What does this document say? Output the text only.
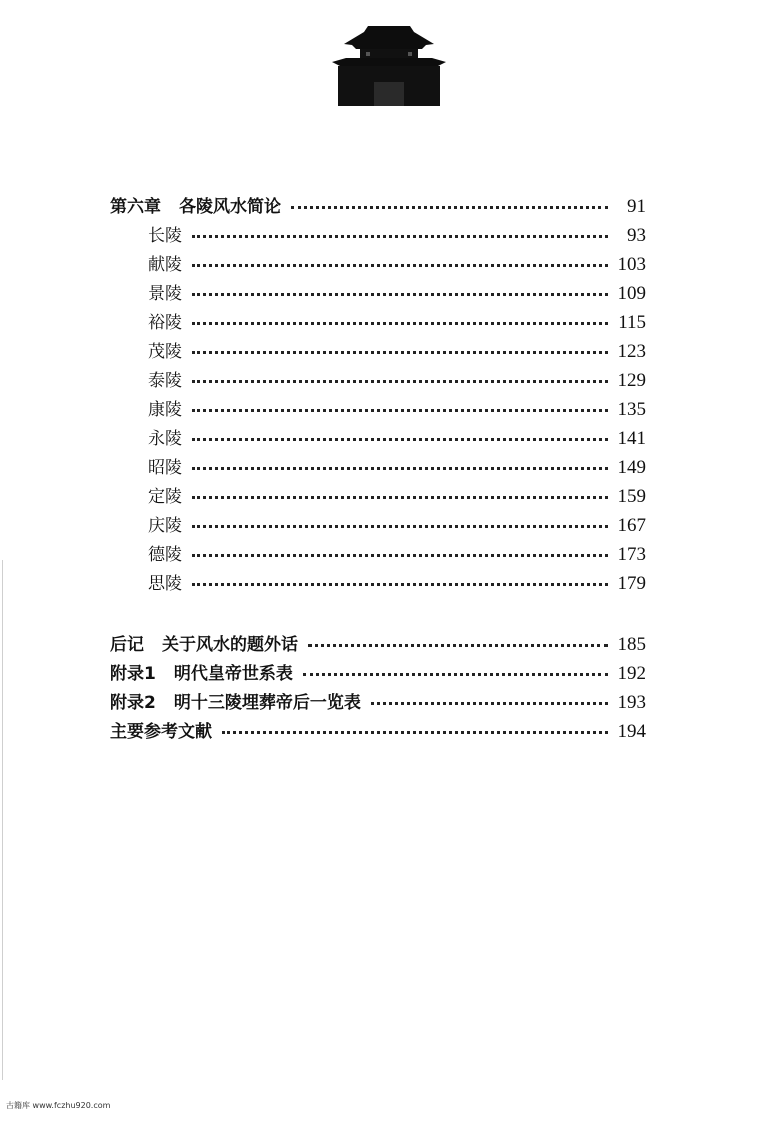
第六章 各陵风水简论	91
长陵	93
献陵	103
景陵	109
裕陵	115
茂陵	123
泰陵	129
康陵	135
永陵	141
昭陵	149
定陵	159
庆陵	167
德陵	173
思陵	179
后记 关于风水的题外话	185
附录1 明代皇帝世系表	192
附录2 明十三陵埋葬帝后一览表	193
主要参考文献	194
古籍库 www.fczhu920.com
